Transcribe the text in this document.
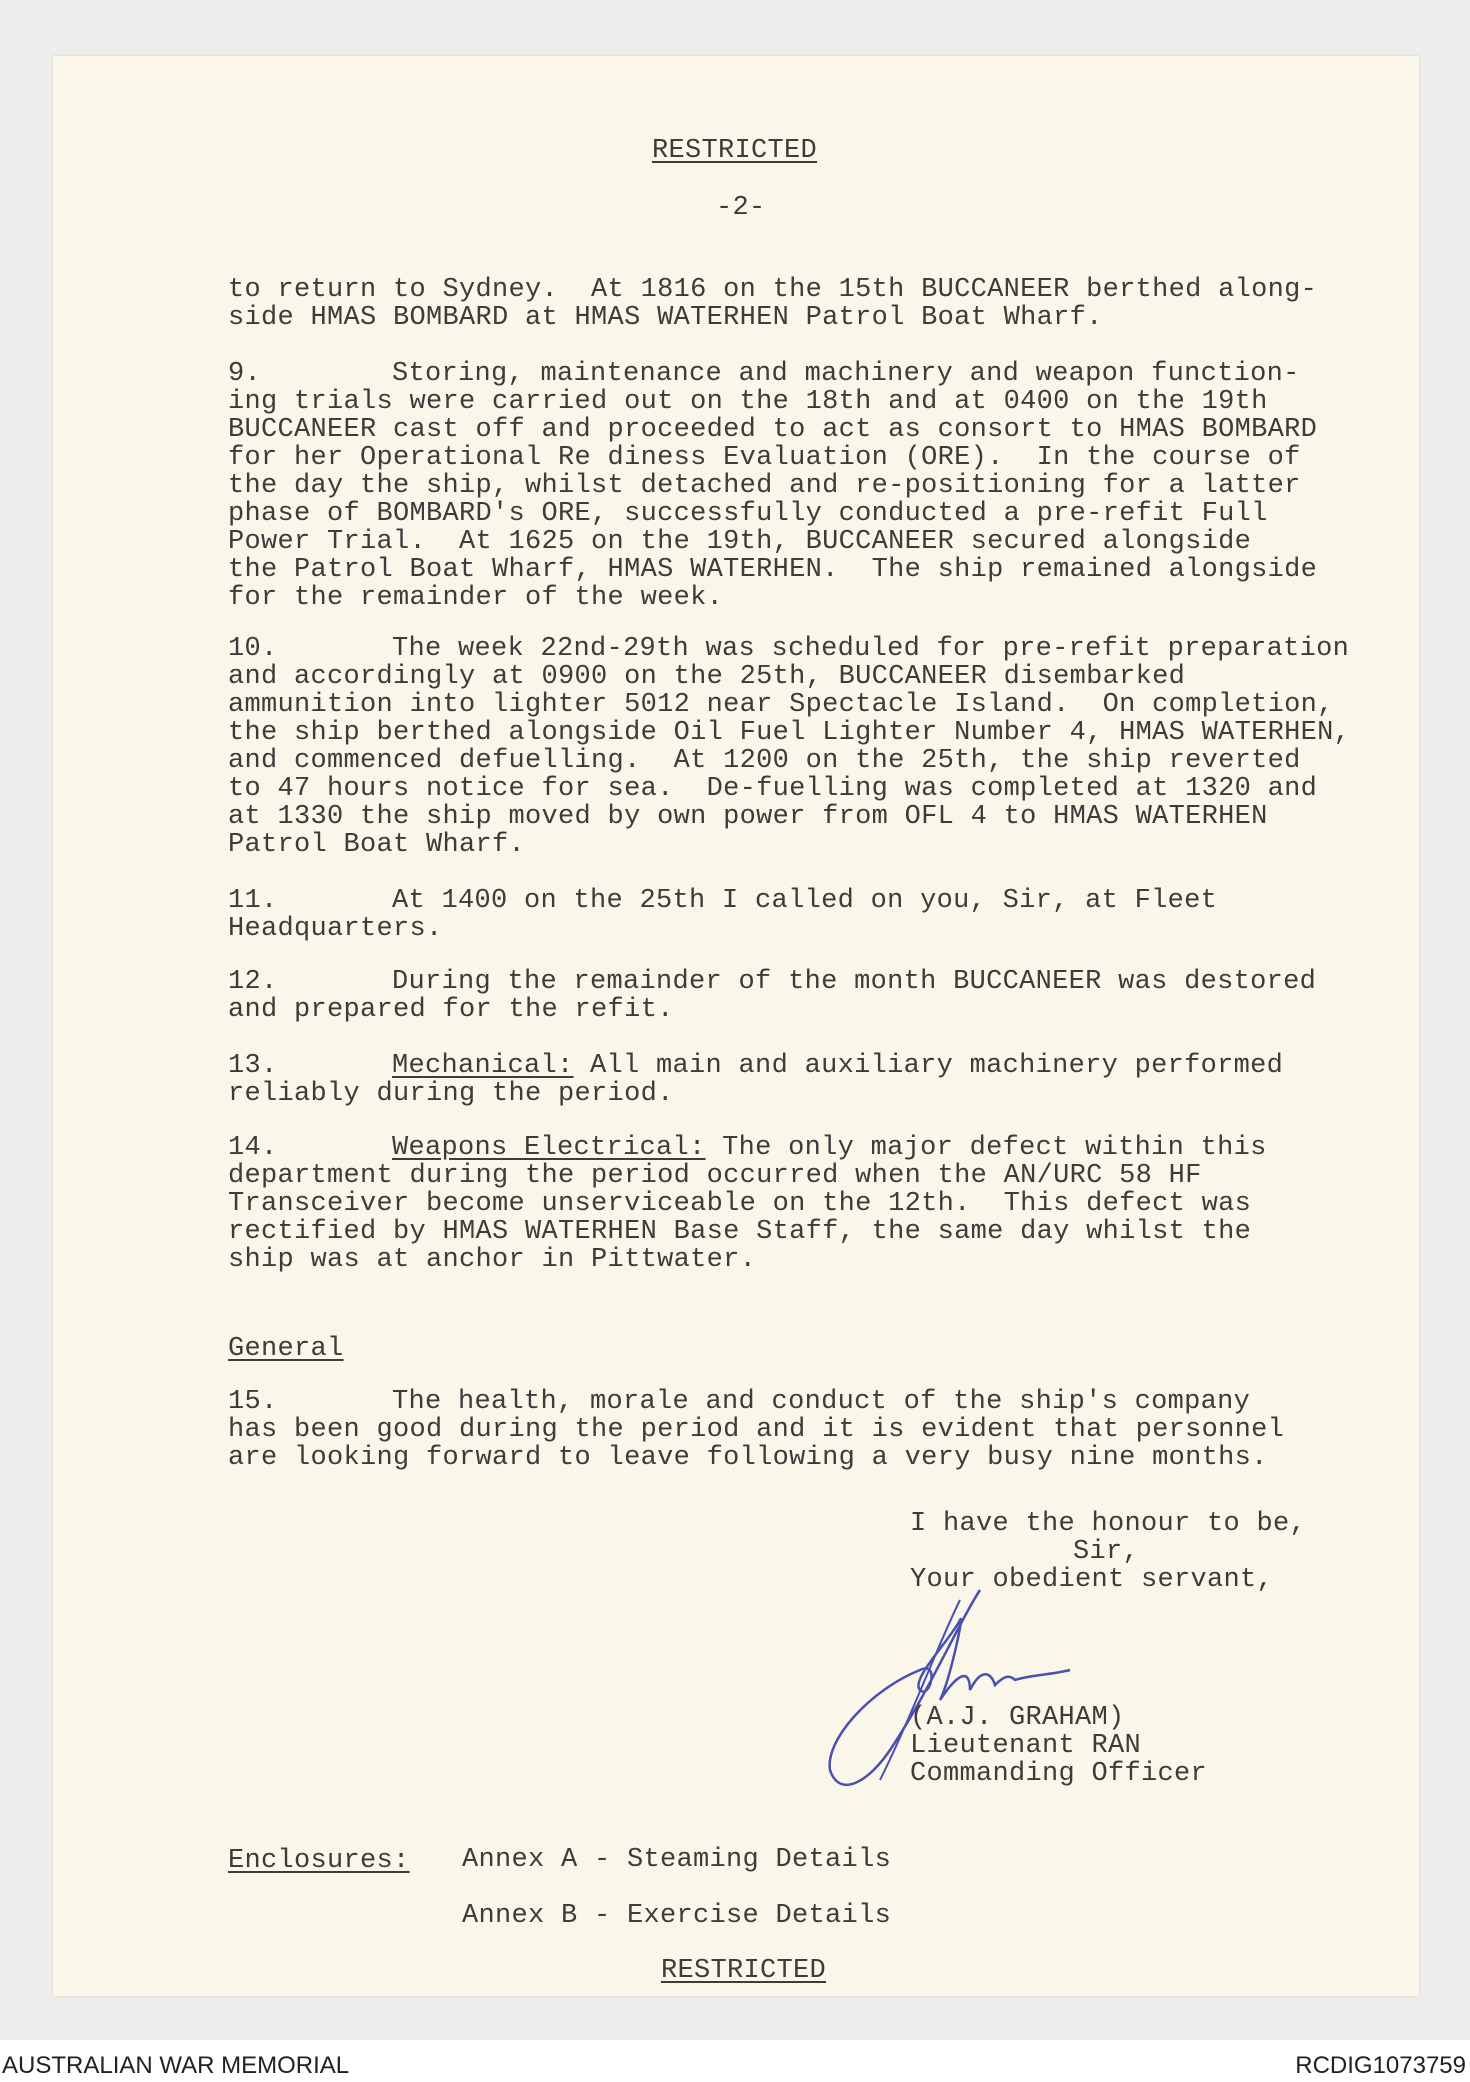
RESTRICTED
-2-
to return to Sydney.  At 1816 on the 15th BUCCANEER berthed along-
side HMAS BOMBARD at HMAS WATERHEN Patrol Boat Wharf.
9.	Storing, maintenance and machinery and weapon function-
ing trials were carried out on the 18th and at 0400 on the 19th
BUCCANEER cast off and proceeded to act as consort to HMAS BOMBARD
for her Operational Re diness Evaluation (ORE).  In the course of
the day the ship, whilst detached and re-positioning for a latter
phase of BOMBARD's ORE, successfully conducted a pre-refit Full
Power Trial.  At 1625 on the 19th, BUCCANEER secured alongside
the Patrol Boat Wharf, HMAS WATERHEN.  The ship remained alongside
for the remainder of the week.
10.	The week 22nd-29th was scheduled for pre-refit preparation
and accordingly at 0900 on the 25th, BUCCANEER disembarked
ammunition into lighter 5012 near Spectacle Island.  On completion,
the ship berthed alongside Oil Fuel Lighter Number 4, HMAS WATERHEN,
and commenced defuelling.  At 1200 on the 25th, the ship reverted
to 47 hours notice for sea.  De-fuelling was completed at 1320 and
at 1330 the ship moved by own power from OFL 4 to HMAS WATERHEN
Patrol Boat Wharf.
11.	At 1400 on the 25th I called on you, Sir, at Fleet
Headquarters.
12.	During the remainder of the month BUCCANEER was destored
and prepared for the refit.
13.	Mechanical: All main and auxiliary machinery performed
reliably during the period.
14.	Weapons Electrical: The only major defect within this
department during the period occurred when the AN/URC 58 HF
Transceiver become unserviceable on the 12th.  This defect was
rectified by HMAS WATERHEN Base Staff, the same day whilst the
ship was at anchor in Pittwater.
15.	The health, morale and conduct of the ship's company
has been good during the period and it is evident that personnel
are looking forward to leave following a very busy nine months.
General
I have the honour to be,
Sir,
Your obedient servant,
(A.J. GRAHAM)
Lieutenant RAN
Commanding Officer
Enclosures: Annex A - Steaming Details
Annex B - Exercise Details
RESTRICTED
AUSTRALIAN WAR MEMORIAL	RCDIG1073759
